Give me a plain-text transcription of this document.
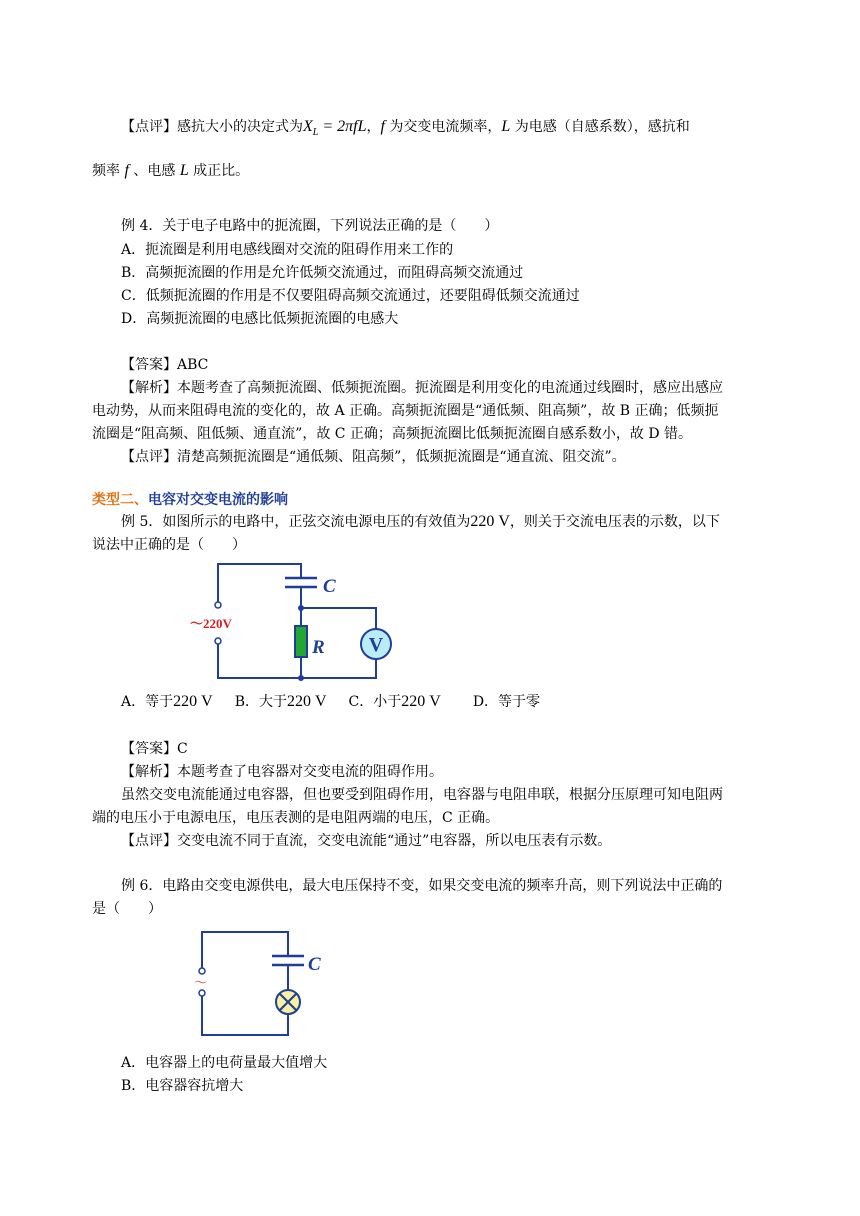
【点评】感抗大小的决定式为$X_L = 2\pi fL$，f 为交变电流频率，L 为电感（自感系数），感抗和
频率 f 、电感 L 成正比。
例 4．关于电子电路中的扼流圈，下列说法正确的是（　　）
A．扼流圈是利用电感线圈对交流的阻碍作用来工作的
B．高频扼流圈的作用是允许低频交流通过，而阻碍高频交流通过
C．低频扼流圈的作用是不仅要阻碍高频交流通过，还要阻碍低频交流通过
D．高频扼流圈的电感比低频扼流圈的电感大
【答案】ABC
【解析】本题考查了高频扼流圈、低频扼流圈。扼流圈是利用变化的电流通过线圈时，感应出感应
电动势，从而来阻碍电流的变化的，故 A 正确。高频扼流圈是“通低频、阻高频”，故 B 正确；低频扼
流圈是“阻高频、阻低频、通直流”，故 C 正确；高频扼流圈比低频扼流圈自感系数小，故 D 错。
【点评】清楚高频扼流圈是“通低频、阻高频”，低频扼流圈是“通直流、阻交流”。
类型二、电容对交变电流的影响
例 5．如图所示的电路中，正弦交流电源电压的有效值为220 V，则关于交流电压表的示数，以下
说法中正确的是（　　）
V
C
R
～220V
A．等于220 V B．大于220 V C．小于220 V D．等于零
【答案】C
【解析】本题考查了电容器对交变电流的阻碍作用。
虽然交变电流能通过电容器，但也要受到阻碍作用，电容器与电阻串联，根据分压原理可知电阻两
端的电压小于电源电压，电压表测的是电阻两端的电压，C 正确。
【点评】交变电流不同于直流，交变电流能“通过”电容器，所以电压表有示数。
例 6．电路由交变电源供电，最大电压保持不变，如果交变电流的频率升高，则下列说法中正确的
是（　　）
C
～
A．电容器上的电荷量最大值增大
B．电容器容抗增大
